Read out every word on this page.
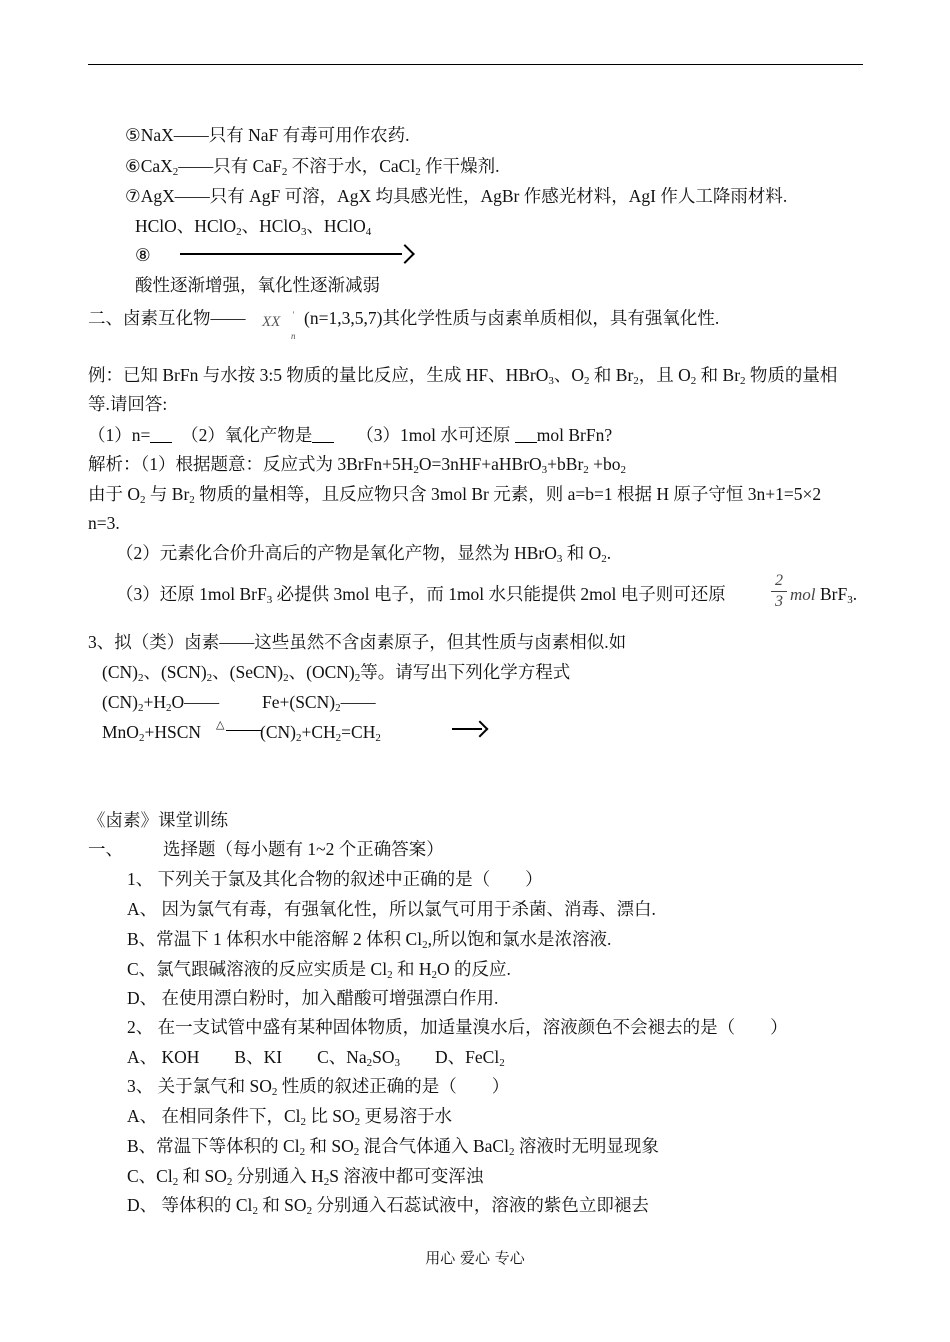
⑤NaX——只有 NaF 有毒可用作农药.
⑥CaX$_2$——只有 CaF$_2$ 不溶于水，CaCl$_2$ 作干燥剂.
⑦AgX——只有 AgF 可溶，AgX 均具感光性，AgBr 作感光材料，AgI 作人工降雨材料.
HClO、HClO$_2$、HClO$_3$、HClO$_4$
⑧
酸性逐渐增强，氧化性逐渐减弱
二、卤素互化物—— XX '
n
(n=1,3,5,7)其化学性质与卤素单质相似，具有强氧化性.
例：已知 BrFn 与水按 3:5 物质的量比反应，生成 HF、HBrO$_3$、$O_2$ 和 $Br_2$，且 $O_2$ 和 $Br_2$ 物质的量相
等.请回答:
（1）n=　 （2）氧化产物是　	（3）1mol 水可还原 mol BrFn?
解析：（1）根据题意：反应式为 $3BrFn+5H_2O=3nHF+aHBrO_3+bBr_2 +bo_2$
由于 $O_2$ 与 $Br_2$ 物质的量相等，且反应物只含 3mol Br 元素，则 a=b=1 根据 H 原子守恒 3n+1=5×2
n=3.
（2）元素化合价升高后的产物是氧化产物，显然为 HBrO$_3$ 和 $O_2$.
（3）还原 1mol BrF$_3$ 必提供 3mol 电子，而 1mol 水只能提供 2mol 电子则可还原
2
3 mol BrF$_3$.
3、拟（类）卤素——这些虽然不含卤素原子，但其性质与卤素相似.如
$(CN)_2$、$(SCN)_2$、$(SeCN)_2$、$(OCN)_2$等。请写出下列化学方程式
$(CN)_2+H_2O——$ $Fe+(SCN)_2——$
MnO$_2$+HSCN △ $(CN)_2+CH_2=CH_2$
《卤素》课堂训练
一、 选择题（每小题有 1~2 个正确答案）
1、 下列关于氯及其化合物的叙述中正确的是（　　）
A、 因为氯气有毒，有强氧化性，所以氯气可用于杀菌、消毒、漂白.
B、常温下 1 体积水中能溶解 2 体积 $Cl_2$,所以饱和氯水是浓溶液.
C、氯气跟碱溶液的反应实质是 $Cl_2$ 和 $H_2O$ 的反应.
D、 在使用漂白粉时，加入醋酸可增强漂白作用.
2、 在一支试管中盛有某种固体物质，加适量溴水后，溶液颜色不会褪去的是（　　）
A、 KOH　　B、KI　　C、$Na_2SO_3$　　D、FeCl$_2$
3、 关于氯气和 $SO_2$ 性质的叙述正确的是（　　）
A、 在相同条件下，$Cl_2$ 比 $SO_2$ 更易溶于水
B、常温下等体积的 $Cl_2$ 和 $SO_2$ 混合气体通入 BaCl$_2$ 溶液时无明显现象
C、$Cl_2$ 和 $SO_2$ 分别通入 $H_2S$ 溶液中都可变浑浊
D、 等体积的 $Cl_2$ 和 $SO_2$ 分别通入石蕊试液中，溶液的紫色立即褪去
用心 爱心 专心
